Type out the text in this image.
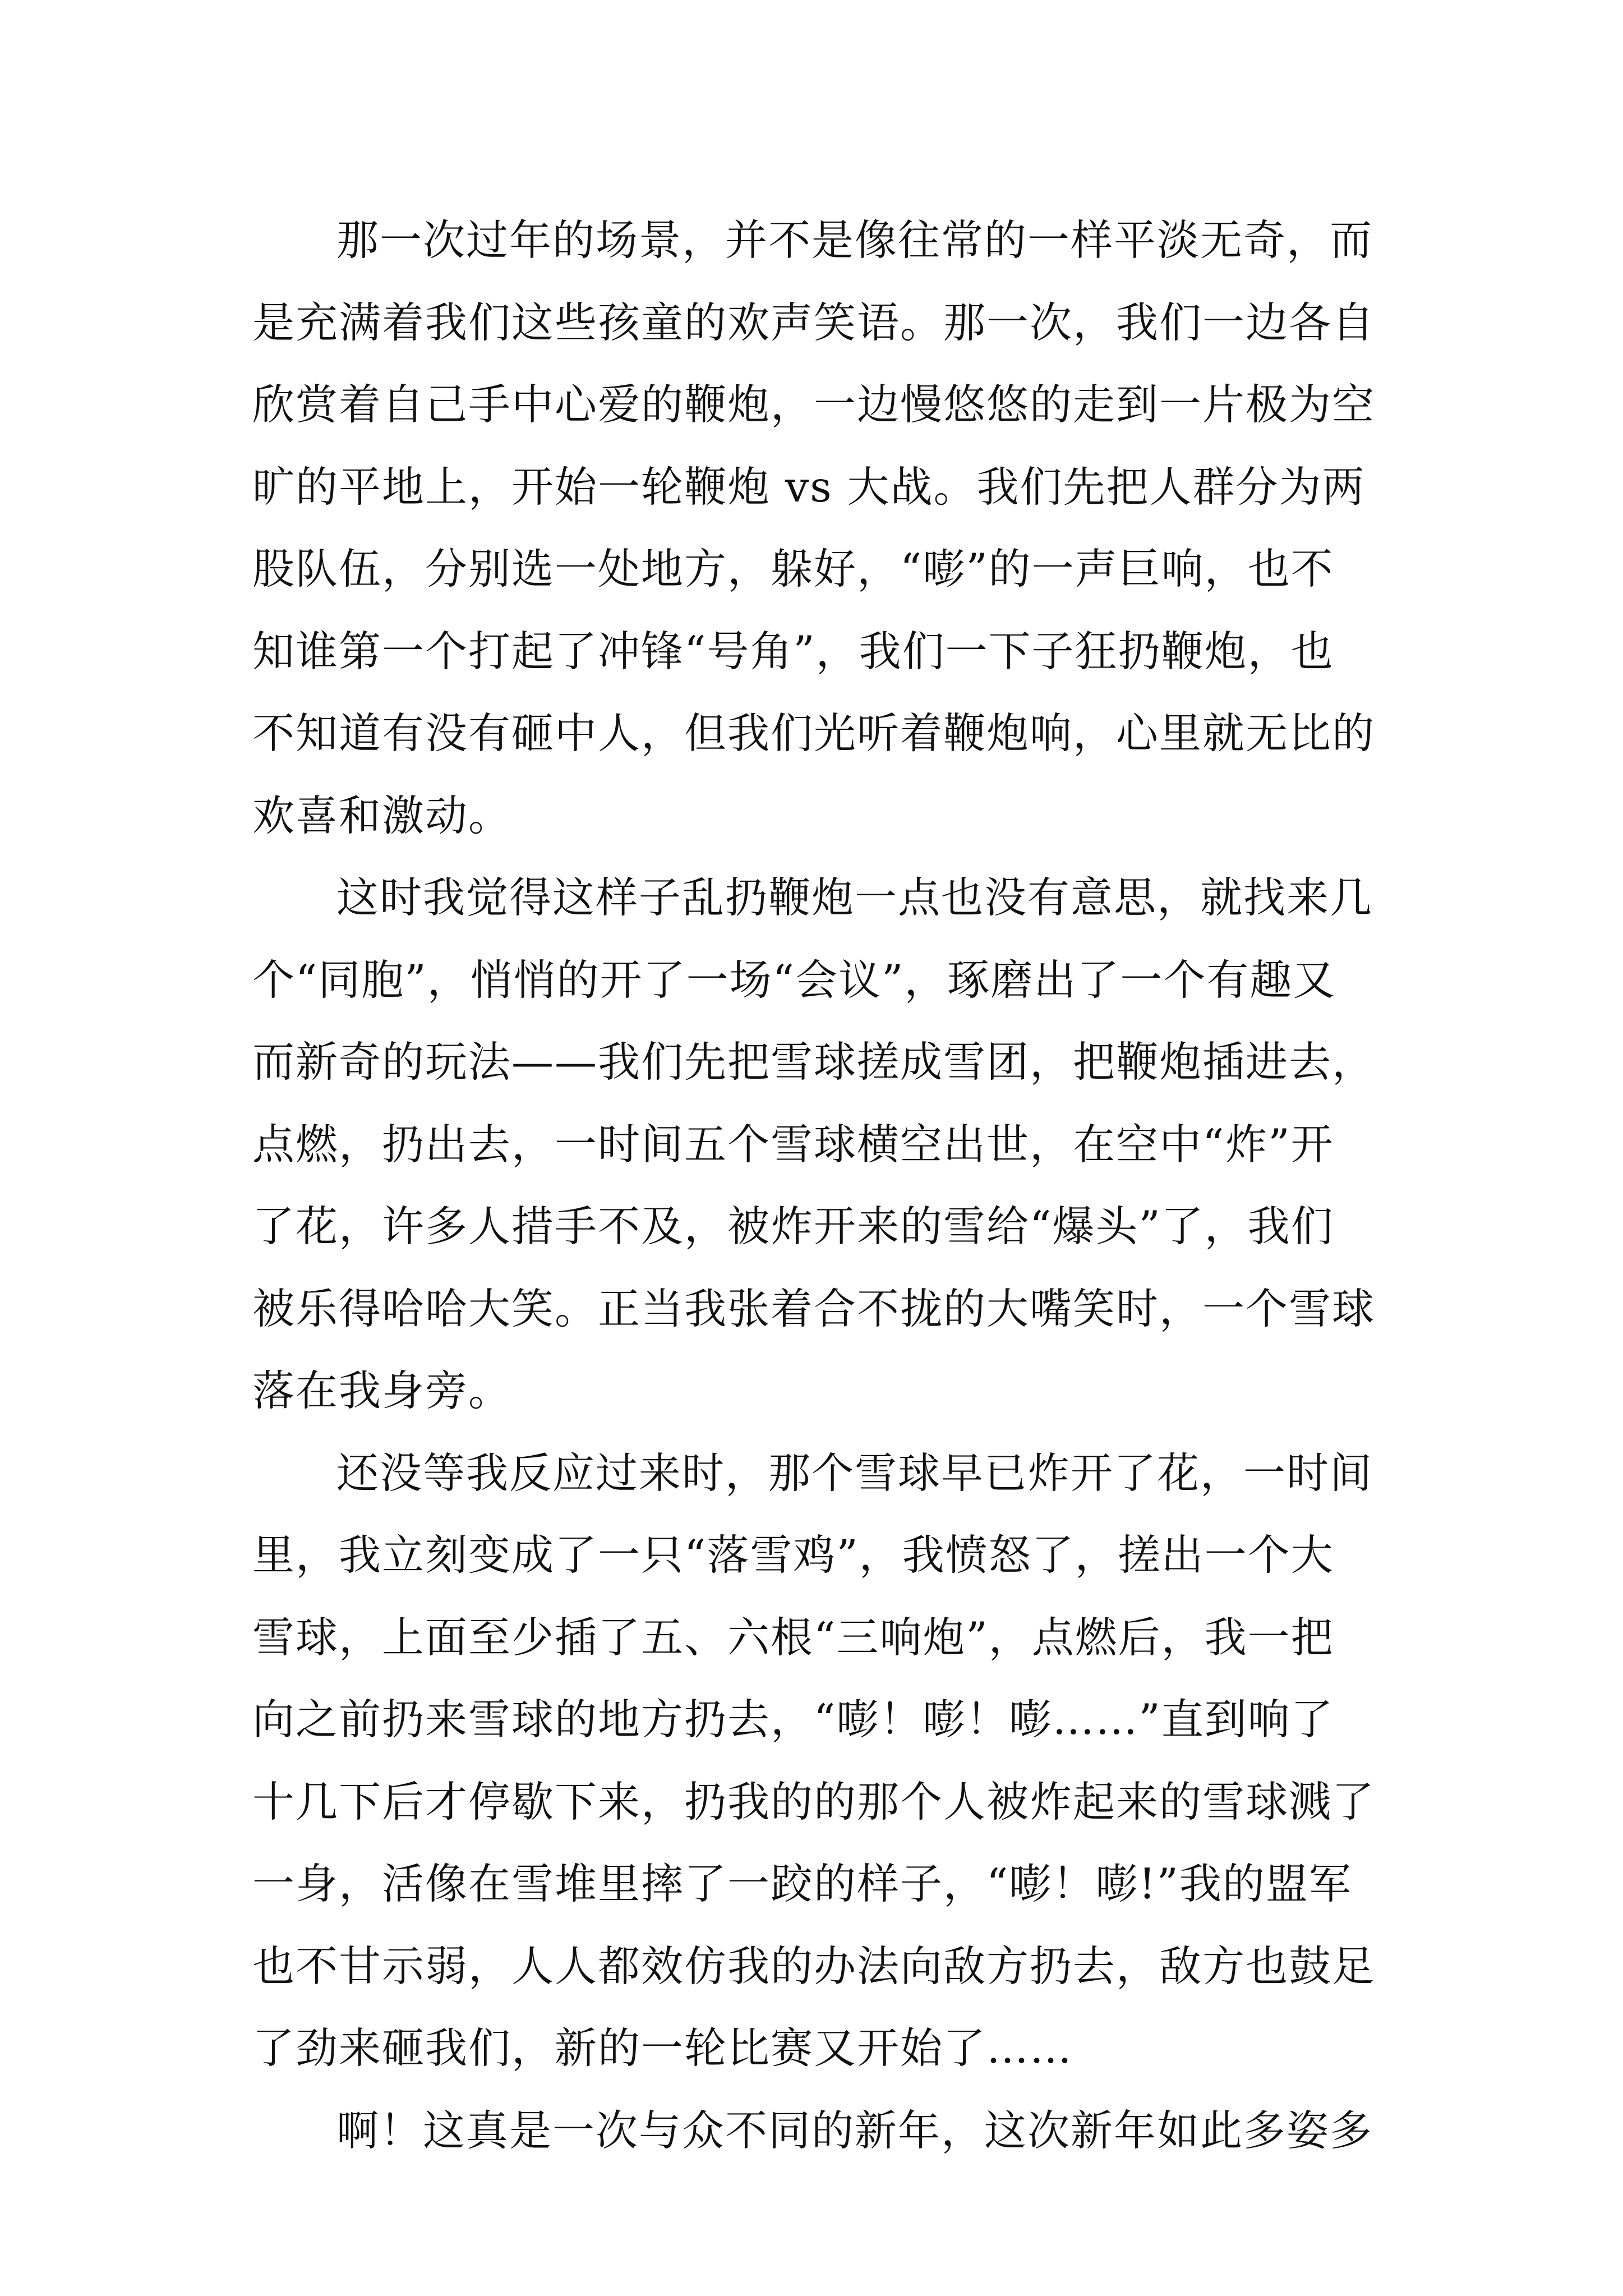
那一次过年的场景，并不是像往常的一样平淡无奇，而
是充满着我们这些孩童的欢声笑语。那一次，我们一边各自
欣赏着自己手中心爱的鞭炮，一边慢悠悠的走到一片极为空
旷的平地上，开始一轮鞭炮 vs 大战。我们先把人群分为两
股队伍，分别选一处地方，躲好，“嘭”的一声巨响，也不
知谁第一个打起了冲锋“号角”，我们一下子狂扔鞭炮，也
不知道有没有砸中人，但我们光听着鞭炮响，心里就无比的
欢喜和激动。
这时我觉得这样子乱扔鞭炮一点也没有意思，就找来几
个“同胞”，悄悄的开了一场“会议”，琢磨出了一个有趣又
而新奇的玩法——我们先把雪球搓成雪团，把鞭炮插进去，
点燃，扔出去，一时间五个雪球横空出世，在空中“炸”开
了花，许多人措手不及，被炸开来的雪给“爆头”了，我们
被乐得哈哈大笑。正当我张着合不拢的大嘴笑时，一个雪球
落在我身旁。
还没等我反应过来时，那个雪球早已炸开了花，一时间
里，我立刻变成了一只“落雪鸡”，我愤怒了，搓出一个大
雪球，上面至少插了五、六根“三响炮”，点燃后，我一把
向之前扔来雪球的地方扔去，“嘭！嘭！嘭……”直到响了
十几下后才停歇下来，扔我的的那个人被炸起来的雪球溅了
一身，活像在雪堆里摔了一跤的样子，“嘭！嘭!”我的盟军
也不甘示弱，人人都效仿我的办法向敌方扔去，敌方也鼓足
了劲来砸我们，新的一轮比赛又开始了……
啊！这真是一次与众不同的新年，这次新年如此多姿多
